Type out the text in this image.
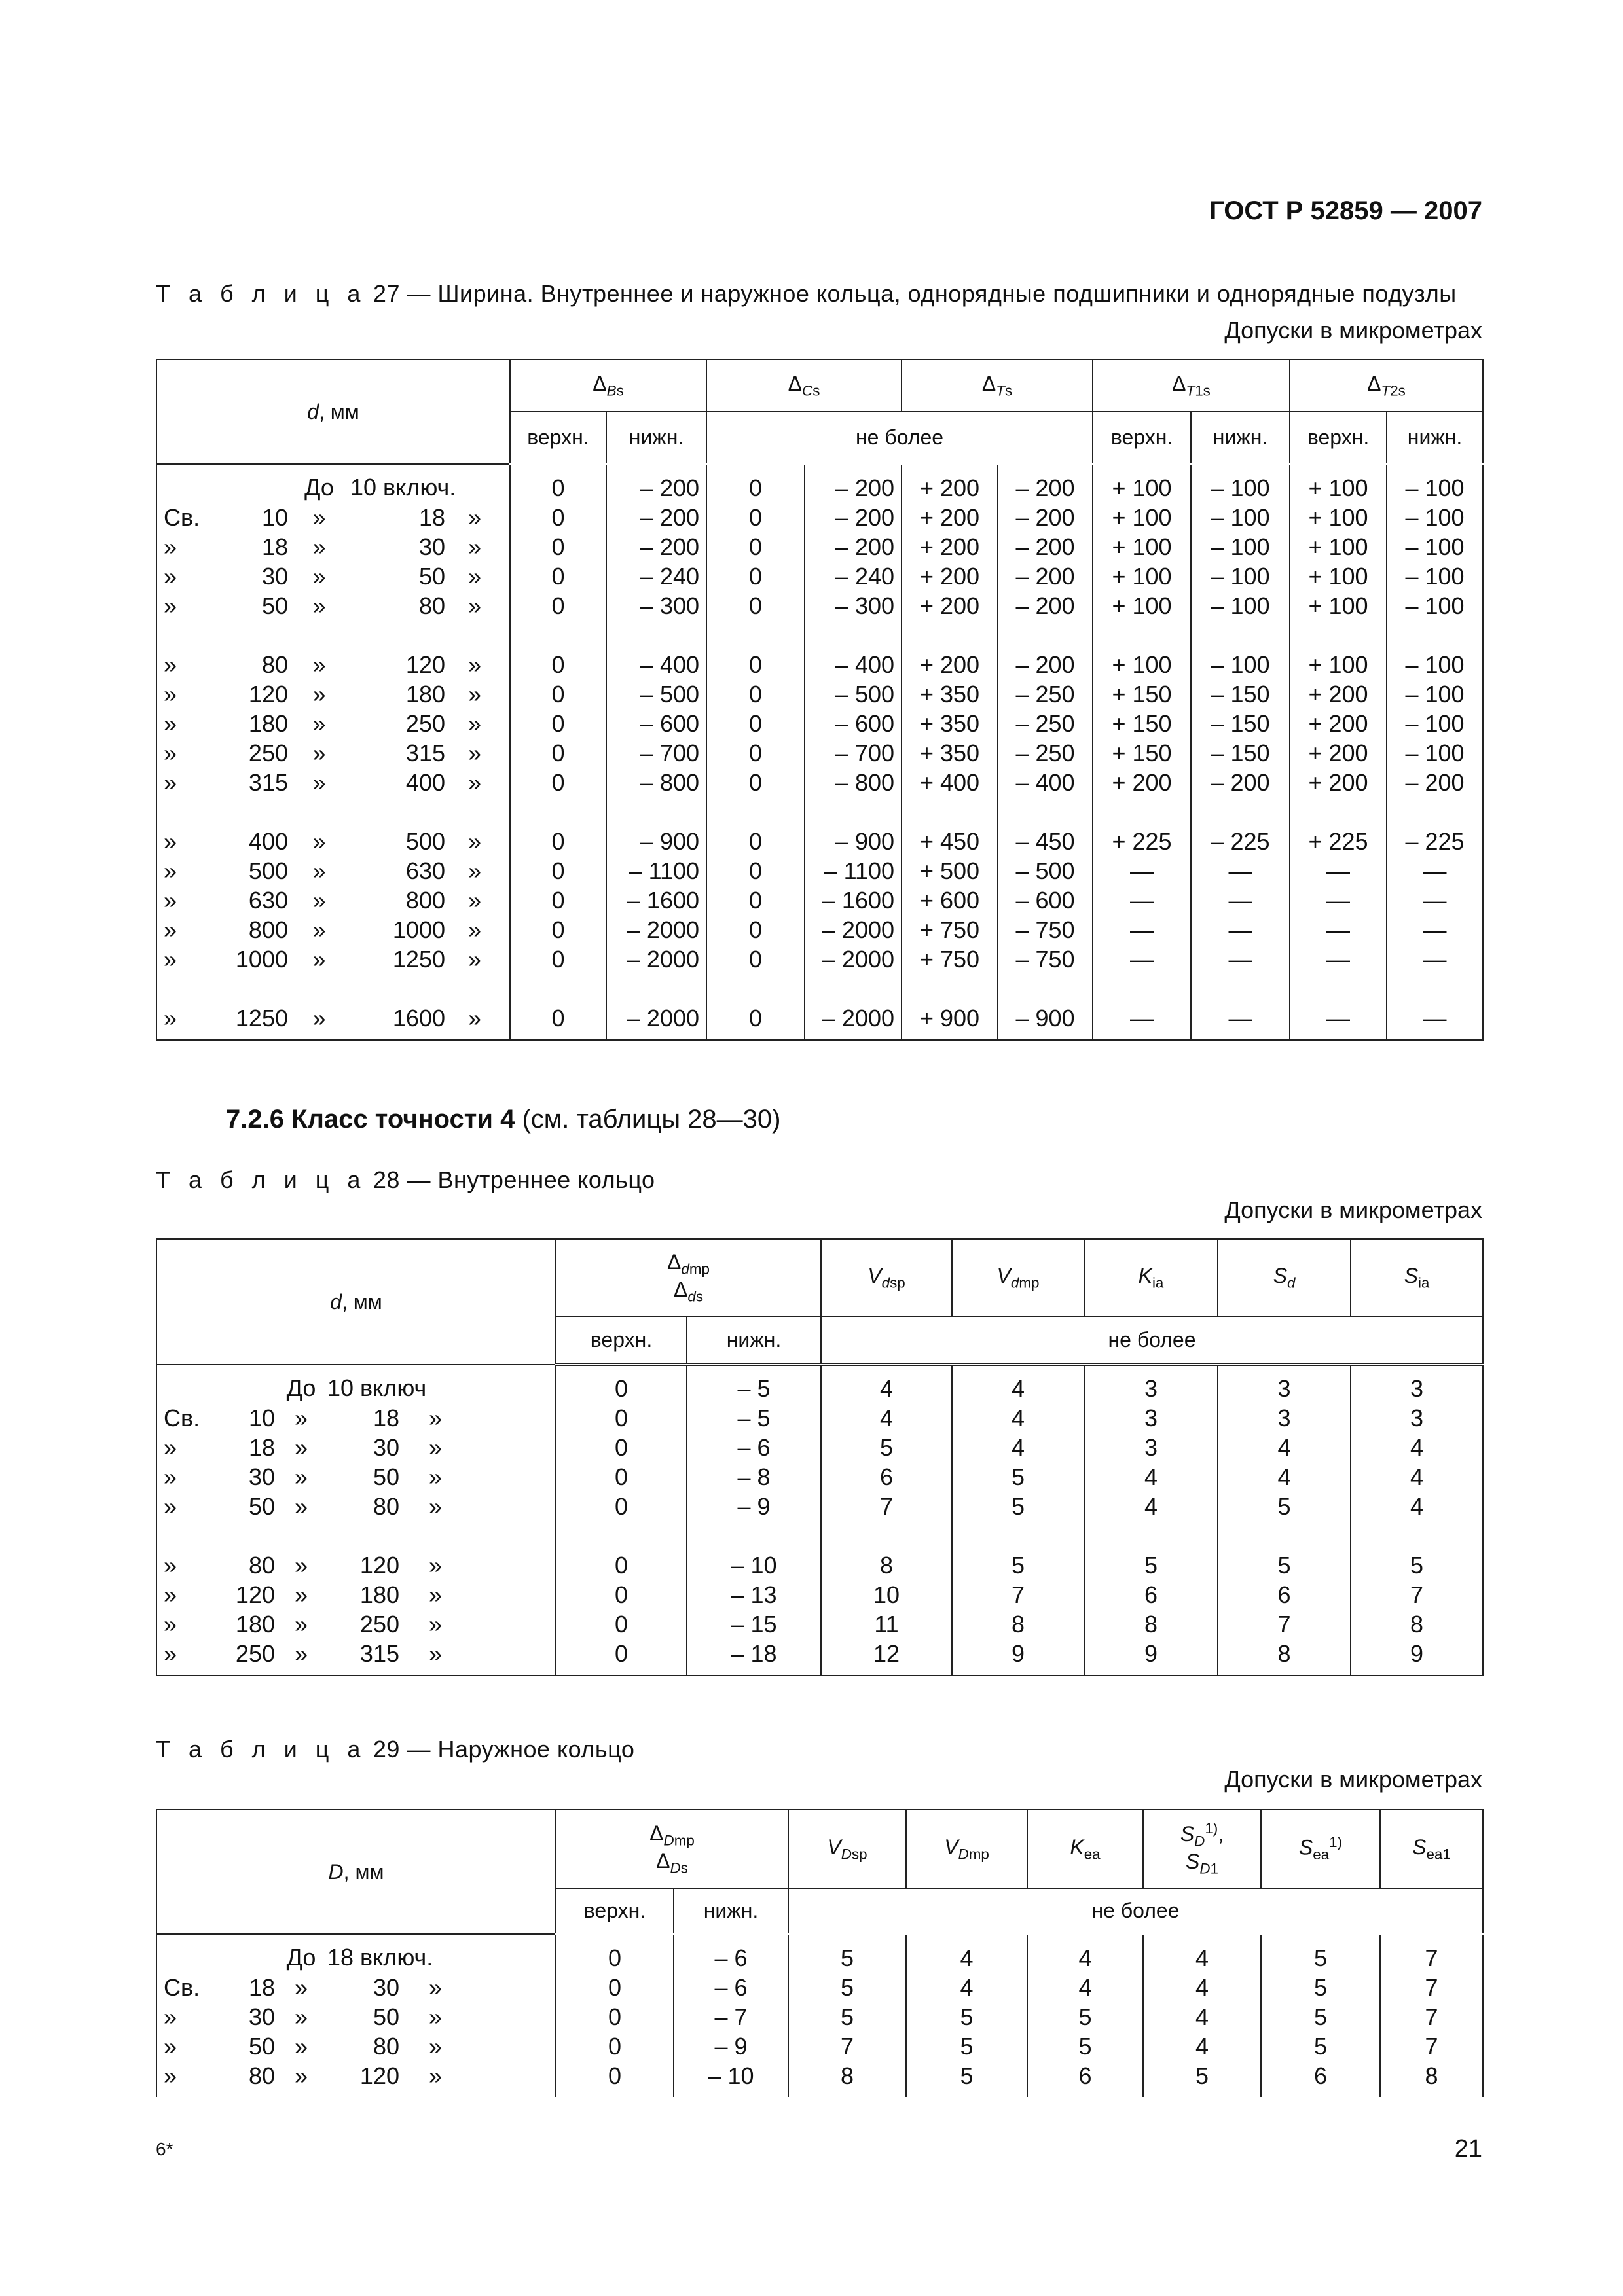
ГОСТ Р 52859 — 2007
Т а б л и ц а 27 — Ширина. Внутреннее и наружное кольца, однорядные подшипники и однорядные подузлы
Допуски в микрометрах
d, мм	$\Delta_{Bs}$		$\Delta_{Cs}$		$\Delta_{Ts}$		$\Delta_{T1s}$		$\Delta_{T2s}$
	верхн.	нижн.	не более				верхн.	нижн.	верхн.	нижн.
До 10 включ.	0	– 200	0	– 200	+ 200	– 200	+ 100	– 100	+ 100	– 100
Св. 10 » 18 »	0	– 200	0	– 200	+ 200	– 200	+ 100	– 100	+ 100	– 100
» 18 » 30 »	0	– 200	0	– 200	+ 200	– 200	+ 100	– 100	+ 100	– 100
» 30 » 50 »	0	– 240	0	– 240	+ 200	– 200	+ 100	– 100	+ 100	– 100
» 50 » 80 »	0	– 300	0	– 300	+ 200	– 200	+ 100	– 100	+ 100	– 100
» 80 » 120 »	0	– 400	0	– 400	+ 200	– 200	+ 100	– 100	+ 100	– 100
» 120 » 180 »	0	– 500	0	– 500	+ 350	– 250	+ 150	– 150	+ 200	– 100
» 180 » 250 »	0	– 600	0	– 600	+ 350	– 250	+ 150	– 150	+ 200	– 100
» 250 » 315 »	0	– 700	0	– 700	+ 350	– 250	+ 150	– 150	+ 200	– 100
» 315 » 400 »	0	– 800	0	– 800	+ 400	– 400	+ 200	– 200	+ 200	– 200
» 400 » 500 »	0	– 900	0	– 900	+ 450	– 450	+ 225	– 225	+ 225	– 225
» 500 » 630 »	0	– 1100	0	– 1100	+ 500	– 500	—	—	—	—
» 630 » 800 »	0	– 1600	0	– 1600	+ 600	– 600	—	—	—	—
» 800 » 1000 »	0	– 2000	0	– 2000	+ 750	– 750	—	—	—	—
» 1000 » 1250 »	0	– 2000	0	– 2000	+ 750	– 750	—	—	—	—
» 1250 » 1600 »	0	– 2000	0	– 2000	+ 900	– 900	—	—	—	—
7.2.6 Класс точности 4 (см. таблицы 28—30)
Т а б л и ц а 28 — Внутреннее кольцо
Допуски в микрометрах
d, мм	$\Delta_{dmp}$
$\Delta_{ds}$		$V_{dsp}$	$V_{dmp}$	$K_{ia}$	$S_d$	$S_{ia}$
	верхн.	нижн.	не более				
До 10 включ	0	– 5	4	4	3	3	3
Св. 10 » 18 »	0	– 5	4	4	3	3	3
» 18 » 30 »	0	– 6	5	4	3	4	4
» 30 » 50 »	0	– 8	6	5	4	4	4
» 50 » 80 »	0	– 9	7	5	4	5	4
» 80 » 120 »	0	– 10	8	5	5	5	5
» 120 » 180 »	0	– 13	10	7	6	6	7
» 180 » 250 »	0	– 15	11	8	8	7	8
» 250 » 315 »	0	– 18	12	9	9	8	9
Т а б л и ц а 29 — Наружное кольцо
Допуски в микрометрах
D, мм	$\Delta_{Dmp}$
$\Delta_{Ds}$		$V_{Dsp}$	$V_{Dmp}$	$K_{ea}$	$S_D^{1)}$,
$S_{D1}$	$S_{ea}^{1)}$	$S_{ea1}$
	верхн.	нижн.	не более					
До 18 включ.	0	– 6	5	4	4	4	5	7
Св. 18 » 30 »	0	– 6	5	4	4	4	5	7
» 30 » 50 »	0	– 7	5	5	5	4	5	7
» 50 » 80 »	0	– 9	7	5	5	4	5	7
» 80 » 120 »	0	– 10	8	5	6	5	6	8
6*	21
